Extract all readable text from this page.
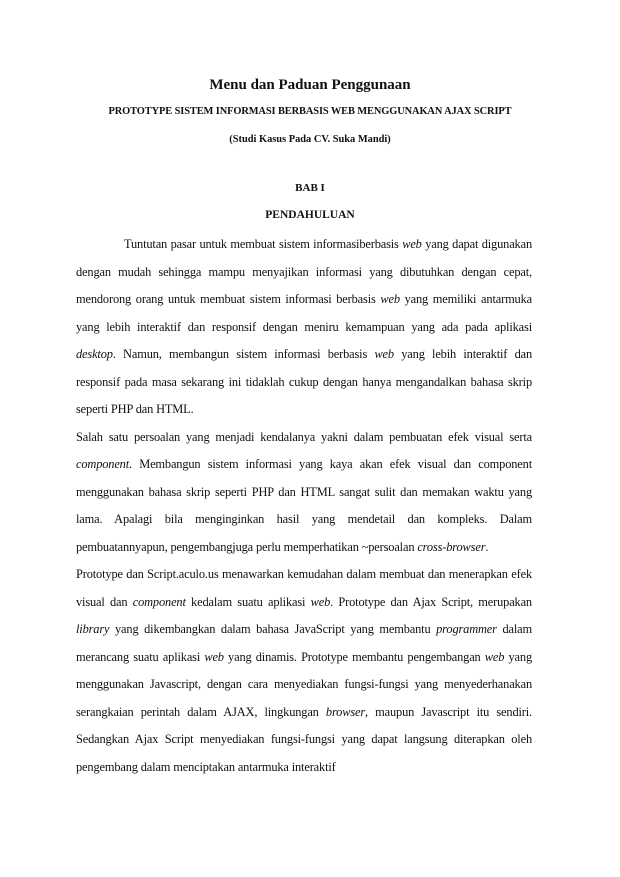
Menu dan Paduan Penggunaan
PROTOTYPE SISTEM INFORMASI BERBASIS WEB MENGGUNAKAN AJAX SCRIPT
(Studi Kasus Pada CV. Suka Mandi)
BAB I
PENDAHULUAN

Tuntutan pasar untuk membuat sistem informasiberbasis web yang dapat digunakan dengan mudah sehingga mampu menyajikan informasi yang dibutuhkan dengan cepat, mendorong orang untuk membuat sistem informasi berbasis web yang memiliki antarmuka yang lebih interaktif dan responsif dengan meniru kemampuan yang ada pada aplikasi desktop. Namun, membangun sistem informasi berbasis web yang lebih interaktif dan responsif pada masa sekarang ini tidaklah cukup dengan hanya mengandalkan bahasa skrip seperti PHP dan HTML.

Salah satu persoalan yang menjadi kendalanya yakni dalam pembuatan efek visual serta component. Membangun sistem informasi yang kaya akan efek visual dan component menggunakan bahasa skrip seperti PHP dan HTML sangat sulit dan memakan waktu yang lama. Apalagi bila menginginkan hasil yang mendetail dan kompleks. Dalam pembuatannyapun, pengembangjuga perlu memperhatikan ~persoalan cross-browser.

Prototype dan Script.aculo.us menawarkan kemudahan dalam membuat dan menerapkan efek visual dan component kedalam suatu aplikasi web. Prototype dan Ajax Script, merupakan library yang dikembangkan dalam bahasa JavaScript yang membantu programmer dalam merancang suatu aplikasi web yang dinamis. Prototype membantu pengembangan web yang menggunakan Javascript, dengan cara menyediakan fungsi-fungsi yang menyederhanakan serangkaian perintah dalam AJAX, lingkungan browser, maupun Javascript itu sendiri. Sedangkan Ajax Script menyediakan fungsi-fungsi yang dapat langsung diterapkan oleh pengembang dalam menciptakan antarmuka interaktif
